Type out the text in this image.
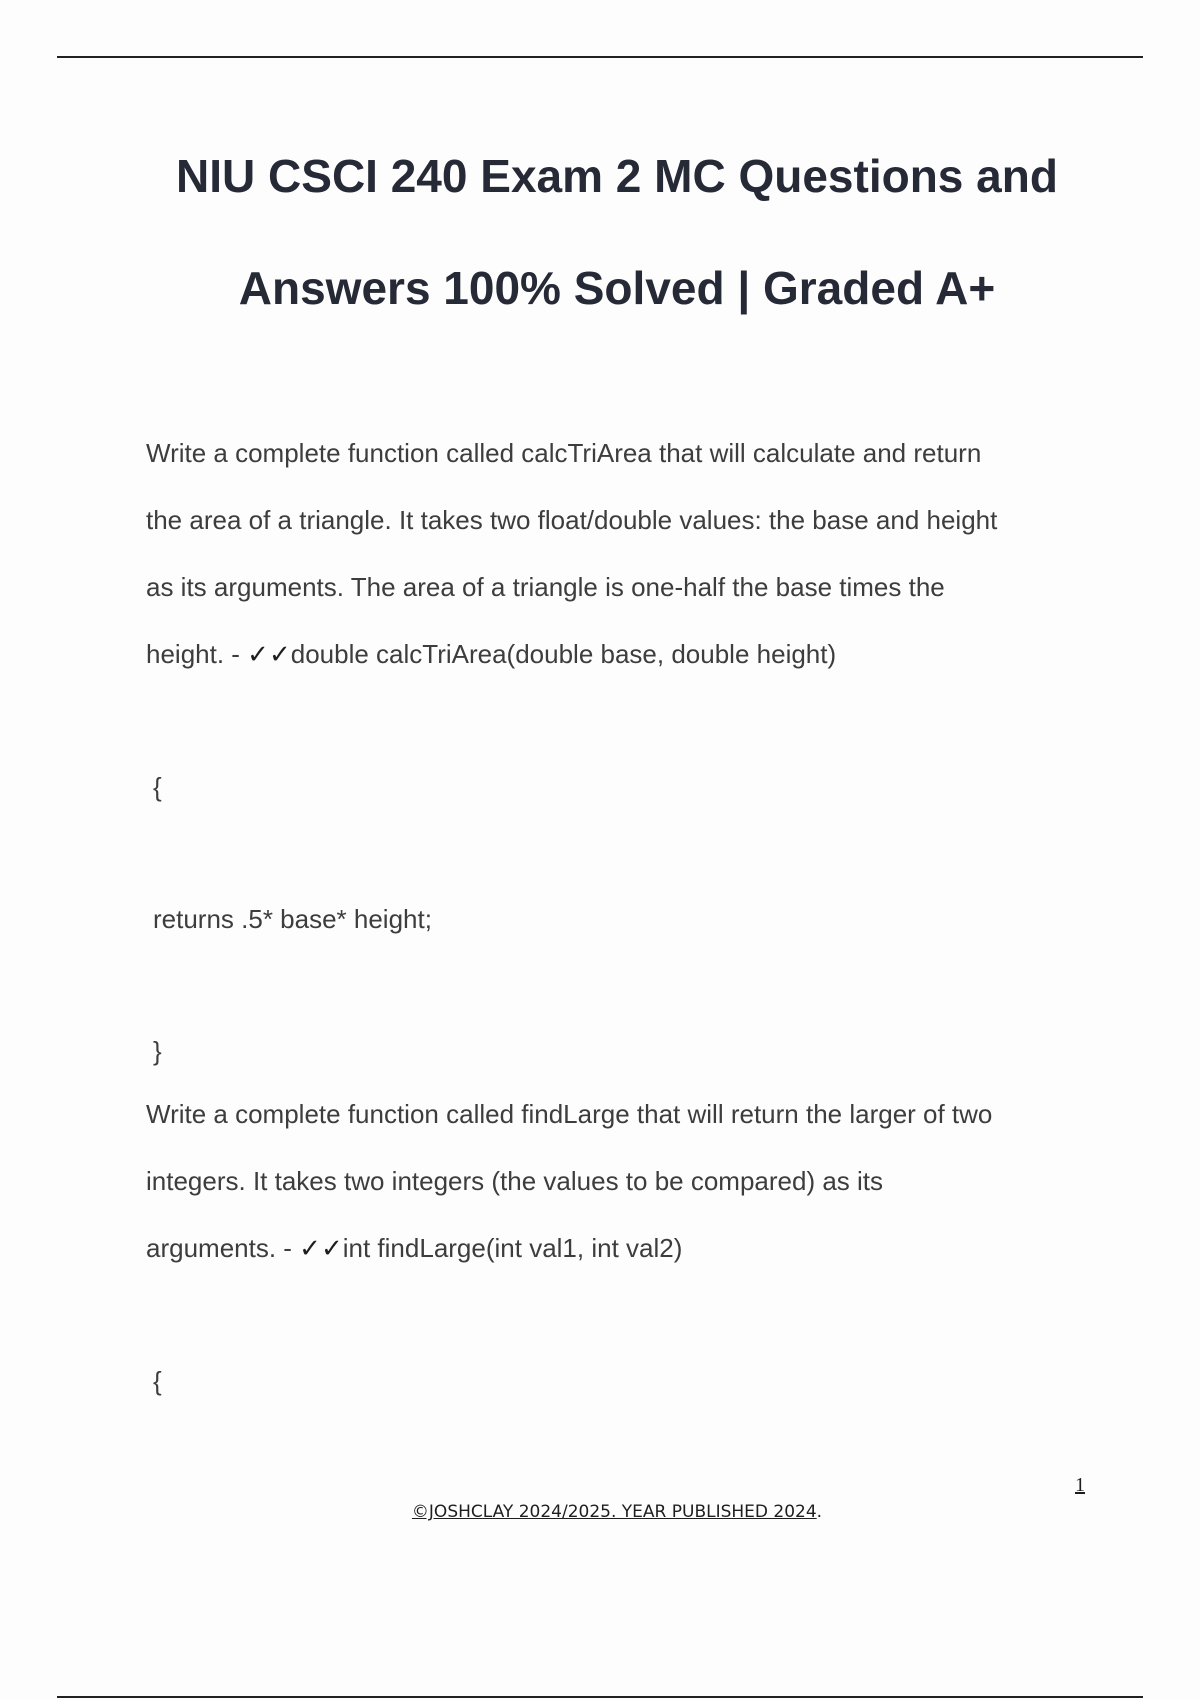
NIU CSCI 240 Exam 2 MC Questions and
Answers 100% Solved | Graded A+

Write a complete function called calcTriArea that will calculate and return
the area of a triangle. It takes two float/double values: the base and height
as its arguments. The area of a triangle is one-half the base times the
height. - ✓✓double calcTriArea(double base, double height)

{

returns .5* base* height;

}

Write a complete function called findLarge that will return the larger of two
integers. It takes two integers (the values to be compared) as its
arguments. - ✓✓int findLarge(int val1, int val2)

{

1
©JOSHCLAY 2024/2025. YEAR PUBLISHED 2024.
